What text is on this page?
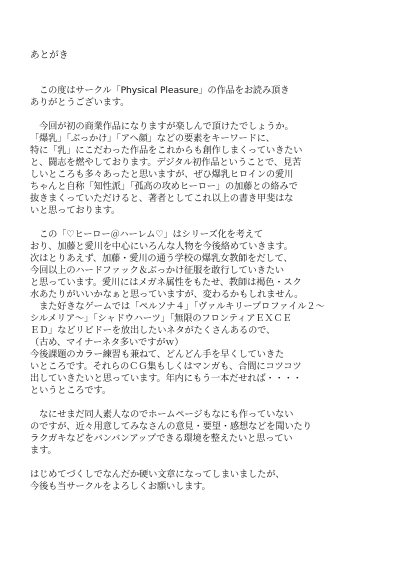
あとがき
　この度はサークル「Physical Pleasure」の作品をお読み頂き
ありがとうございます。
　今回が初の商業作品になりますが楽しんで頂けたでしょうか。
「爆乳」「ぶっかけ」「アヘ顔」などの要素をキーワードに、
特に「乳」にこだわった作品をこれからも創作しまくっていきたい
と、闘志を燃やしております。デジタル初作品ということで、見苦
しいところも多々あったと思いますが、ぜひ爆乳ヒロインの愛川
ちゃんと自称「知性派」「孤高の攻めヒーロー」の加藤との絡みで
抜きまくっていただけると、著者としてこれ以上の書き甲斐はな
いと思っております。
　この「♡ヒーロー＠ハーレム♡」はシリーズ化を考えて
おり、加藤と愛川を中心にいろんな人物を今後絡めていきます。
次はとりあえず、加藤・愛川の通う学校の爆乳女教師をだして、
今回以上のハードファック＆ぶっかけ征服を敢行していきたい
と思っています。愛川にはメガネ属性をもたせ、教師は褐色・スク
水あたりがいいかなぁと思っていますが、変わるかもしれません。
　また好きなゲームでは「ペルソナ４」「ヴァルキリープロファイル２～
シルメリア～」「シャドウハーツ」「無限のフロンティアＥＸＣＥ
ＥＤ」などリビドーを放出したいネタがたくさんあるので、
（古め、マイナーネタ多いですがｗ）
今後課題のカラー練習も兼ねて、どんどん手を早くしていきた
いところです。それらのＣＧ集もしくはマンガも、合間にコツコツ
出していきたいと思っています。年内にもう一本だせれば・・・・
というところです。
　なにせまだ同人素人なのでホームページもなにも作っていない
のですが、近々用意してみなさんの意見・要望・感想などを聞いたり
ラクガキなどをバンバンアップできる環境を整えたいと思ってい
ます。
はじめてづくしでなんだか硬い文章になってしまいましたが、
今後も当サークルをよろしくお願いします。
